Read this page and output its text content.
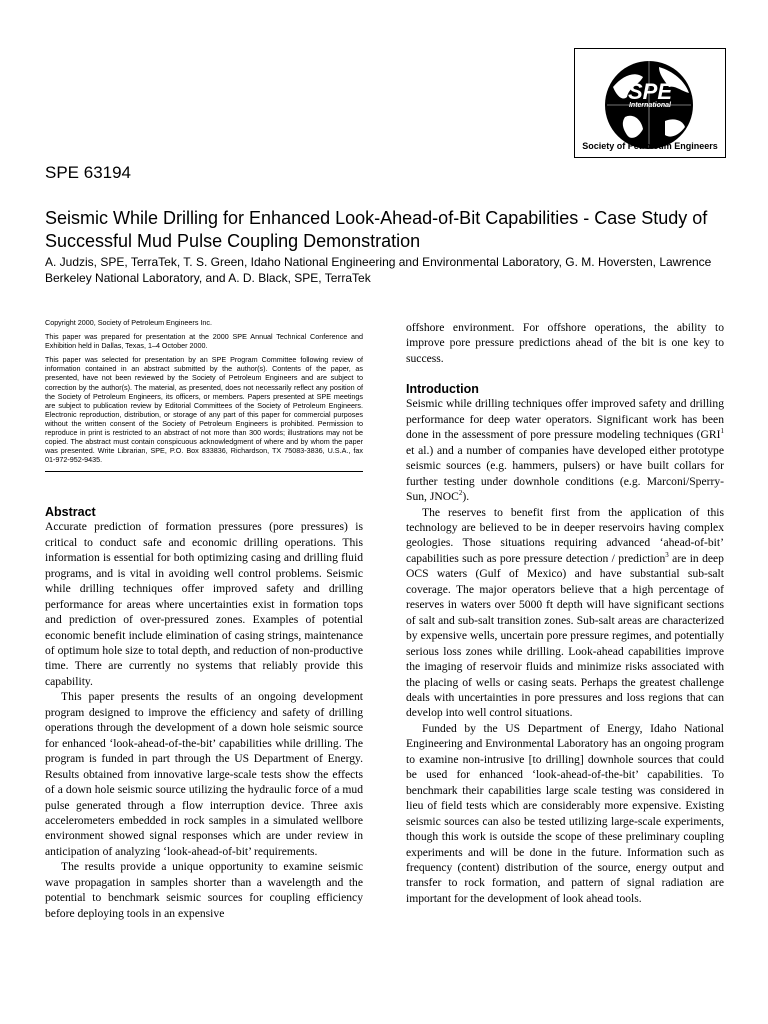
SPE
International
Society of Petroleum Engineers
SPE 63194
Seismic While Drilling for Enhanced Look-Ahead-of-Bit Capabilities - Case Study of Successful Mud Pulse Coupling Demonstration
A. Judzis, SPE, TerraTek, T. S. Green, Idaho National Engineering and Environmental Laboratory, G. M. Hoversten, Lawrence Berkeley National Laboratory, and A. D. Black, SPE, TerraTek

Copyright 2000, Society of Petroleum Engineers Inc.

This paper was prepared for presentation at the 2000 SPE Annual Technical Conference and Exhibition held in Dallas, Texas, 1–4 October 2000.

This paper was selected for presentation by an SPE Program Committee following review of information contained in an abstract submitted by the author(s). Contents of the paper, as presented, have not been reviewed by the Society of Petroleum Engineers and are subject to correction by the author(s). The material, as presented, does not necessarily reflect any position of the Society of Petroleum Engineers, its officers, or members. Papers presented at SPE meetings are subject to publication review by Editorial Committees of the Society of Petroleum Engineers. Electronic reproduction, distribution, or storage of any part of this paper for commercial purposes without the written consent of the Society of Petroleum Engineers is prohibited. Permission to reproduce in print is restricted to an abstract of not more than 300 words; illustrations may not be copied. The abstract must contain conspicuous acknowledgment of where and by whom the paper was presented. Write Librarian, SPE, P.O. Box 833836, Richardson, TX 75083-3836, U.S.A., fax 01-972-952-9435.

Abstract

Accurate prediction of formation pressures (pore pressures) is critical to conduct safe and economic drilling operations. This information is essential for both optimizing casing and drilling fluid programs, and is vital in avoiding well control problems. Seismic while drilling techniques offer improved safety and drilling performance for areas where uncertainties exist in formation tops and prediction of over-pressured zones. Examples of potential economic benefit include elimination of casing strings, maintenance of optimum hole size to total depth, and reduction of non-productive time. There are currently no systems that reliably provide this capability.

This paper presents the results of an ongoing development program designed to improve the efficiency and safety of drilling operations through the development of a down hole seismic source for enhanced ‘look-ahead-of-the-bit’ capabilities while drilling. The program is funded in part through the US Department of Energy. Results obtained from innovative large-scale tests show the effects of a down hole seismic source utilizing the hydraulic force of a mud pulse generated through a flow interruption device. Three axis accelerometers embedded in rock samples in a simulated wellbore environment showed signal responses which are under review in anticipation of analyzing ‘look-ahead-of-bit’ requirements.

The results provide a unique opportunity to examine seismic wave propagation in samples shorter than a wavelength and the potential to benchmark seismic sources for coupling efficiency before deploying tools in an expensive

offshore environment. For offshore operations, the ability to improve pore pressure predictions ahead of the bit is one key to success.

Introduction

Seismic while drilling techniques offer improved safety and drilling performance for deep water operators. Significant work has been done in the assessment of pore pressure modeling techniques (GRI$^1$ et al.) and a number of companies have developed either prototype seismic sources (e.g. hammers, pulsers) or have built collars for further testing under downhole conditions (e.g. Marconi/Sperry-Sun, JNOC$^2$).

The reserves to benefit first from the application of this technology are believed to be in deeper reservoirs having complex geologies. Those situations requiring advanced ‘ahead-of-bit’ capabilities such as pore pressure detection / prediction$^3$ are in deep OCS waters (Gulf of Mexico) and have substantial sub-salt coverage. The major operators believe that a high percentage of reserves in waters over 5000 ft depth will have significant sections of salt and sub-salt transition zones. Sub-salt areas are characterized by expensive wells, uncertain pore pressure regimes, and potentially serious loss zones while drilling. Look-ahead capabilities improve the imaging of reservoir fluids and minimize risks associated with the placing of wells or casing seats. Perhaps the greatest challenge deals with uncertainties in pore pressures and loss regions that can develop into well control situations.

Funded by the US Department of Energy, Idaho National Engineering and Environmental Laboratory has an ongoing program to examine non-intrusive [to drilling] downhole sources that could be used for enhanced ‘look-ahead-of-the-bit’ capabilities. To benchmark their capabilities large scale testing was considered in lieu of field tests which are considerably more expensive. Existing seismic sources can also be tested utilizing large-scale experiments, though this work is outside the scope of these preliminary coupling experiments and will be done in the future. Information such as frequency (content) distribution of the source, energy output and transfer to rock formation, and pattern of signal radiation are important for the development of look ahead tools.
